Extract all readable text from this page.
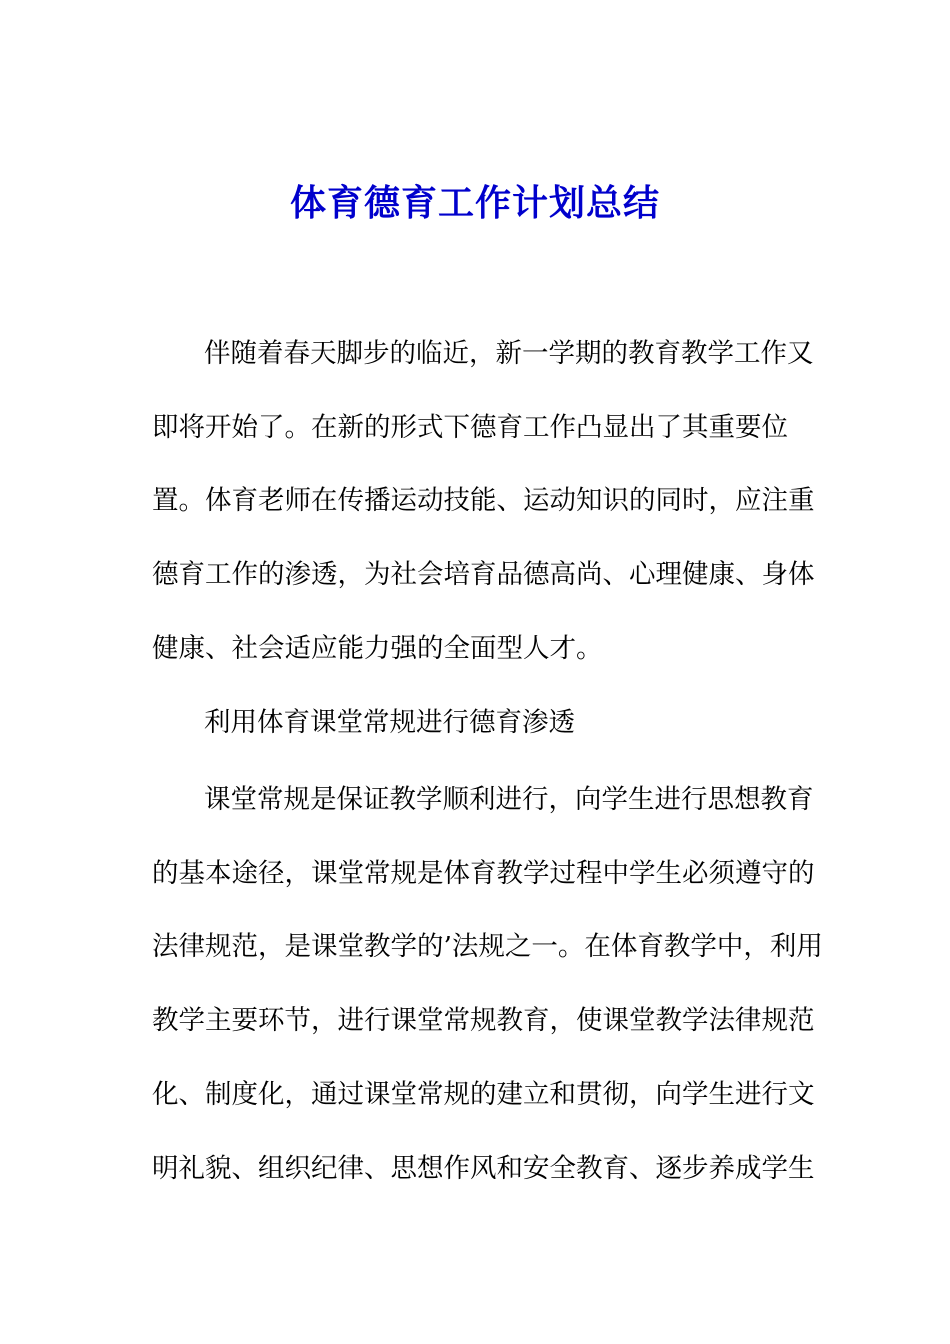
体育德育工作计划总结

伴随着春天脚步的临近，新一学期的教育教学工作又

即将开始了。在新的形式下德育工作凸显出了其重要位

置。体育老师在传播运动技能、运动知识的同时，应注重

德育工作的渗透，为社会培育品德高尚、心理健康、身体

健康、社会适应能力强的全面型人才。

利用体育课堂常规进行德育渗透

课堂常规是保证教学顺利进行，向学生进行思想教育

的基本途径，课堂常规是体育教学过程中学生必须遵守的

法律规范，是课堂教学的’法规之一。在体育教学中，利用

教学主要环节，进行课堂常规教育，使课堂教学法律规范

化、制度化，通过课堂常规的建立和贯彻，向学生进行文

明礼貌、组织纪律、思想作风和安全教育、逐步养成学生
